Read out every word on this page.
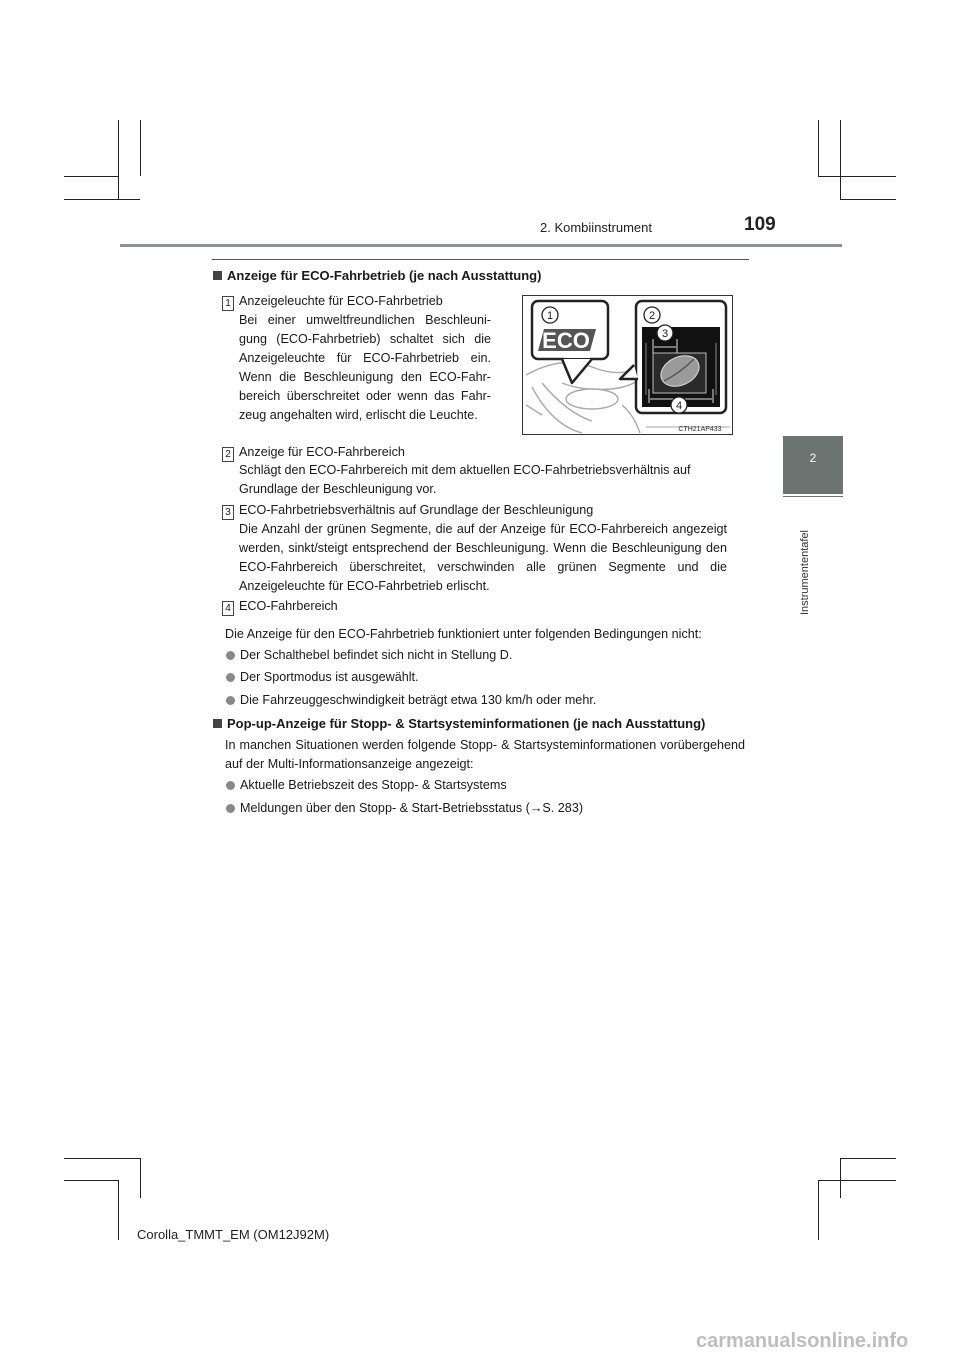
2. Kombiinstrument	109
2
Instrumententafel
Anzeige für ECO-Fahrbetrieb (je nach Ausstattung)
1 Anzeigeleuchte für ECO-Fahrbetrieb
Bei einer umweltfreundlichen Beschleunigung (ECO-Fahrbetrieb) schaltet sich die Anzeigeleuchte für ECO-Fahrbetrieb ein. Wenn die Beschleunigung den ECO-Fahrbereich überschreitet oder wenn das Fahrzeug angehalten wird, erlischt die Leuchte.
ECO
1	2
3
4
CTH21AP433
2 Anzeige für ECO-Fahrbereich
Schlägt den ECO-Fahrbereich mit dem aktuellen ECO-Fahrbetriebsverhältnis auf Grundlage der Beschleunigung vor.
3 ECO-Fahrbetriebsverhältnis auf Grundlage der Beschleunigung
Die Anzahl der grünen Segmente, die auf der Anzeige für ECO-Fahrbereich angezeigt werden, sinkt/steigt entsprechend der Beschleunigung. Wenn die Beschleunigung den ECO-Fahrbereich überschreitet, verschwinden alle grünen Segmente und die Anzeigeleuchte für ECO-Fahrbetrieb erlischt.
4 ECO-Fahrbereich
Die Anzeige für den ECO-Fahrbetrieb funktioniert unter folgenden Bedingungen nicht:
Der Schalthebel befindet sich nicht in Stellung D.
Der Sportmodus ist ausgewählt.
Die Fahrzeuggeschwindigkeit beträgt etwa 130 km/h oder mehr.
Pop-up-Anzeige für Stopp- & Startsysteminformationen (je nach Ausstattung)
In manchen Situationen werden folgende Stopp- & Startsysteminformationen vorübergehend auf der Multi-Informationsanzeige angezeigt:
Aktuelle Betriebszeit des Stopp- & Startsystems
Meldungen über den Stopp- & Start-Betriebsstatus (→S. 283)
Corolla_TMMT_EM (OM12J92M)
carmanualsonline.info
